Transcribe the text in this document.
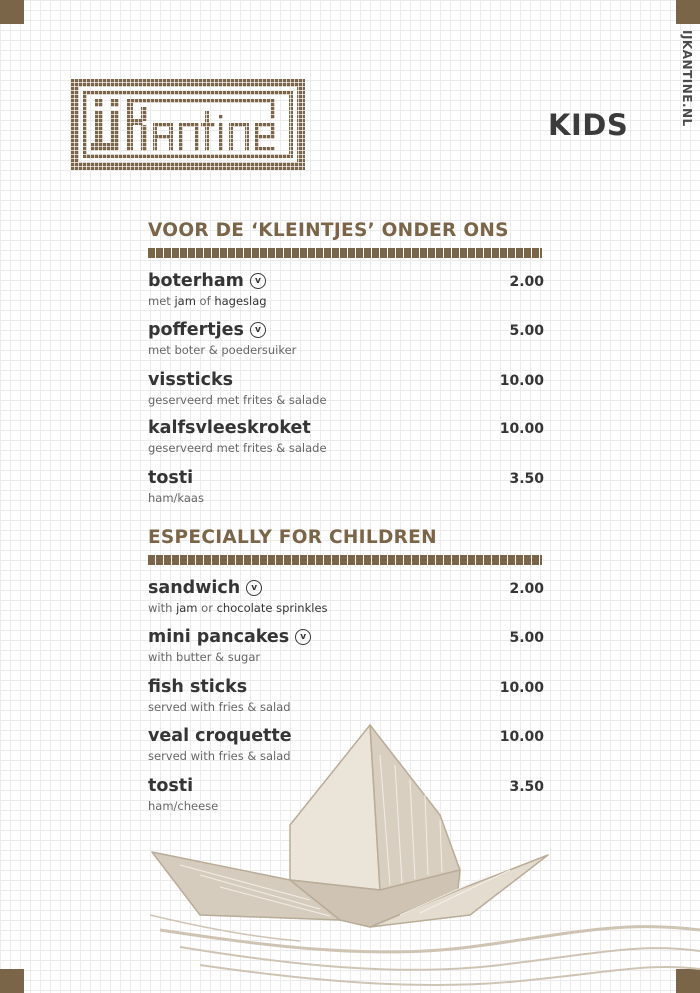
IJKANTINE.NL
KIDS
VOOR DE ‘KLEINTJES’ ONDER ONS
boterham	v
met jam of hageslag
2.00
poffertjes	v
met boter & poedersuiker
5.00
vissticks
geserveerd met frites & salade
10.00
kalfsvleeskroket
geserveerd met frites & salade
10.00
tosti
ham/kaas
3.50
ESPECIALLY FOR CHILDREN
sandwich	v
with jam or chocolate sprinkles
2.00
mini pancakes	v
with butter & sugar
5.00
fish sticks
served with fries & salad
10.00
veal croquette
served with fries & salad
10.00
tosti
ham/cheese
3.50
